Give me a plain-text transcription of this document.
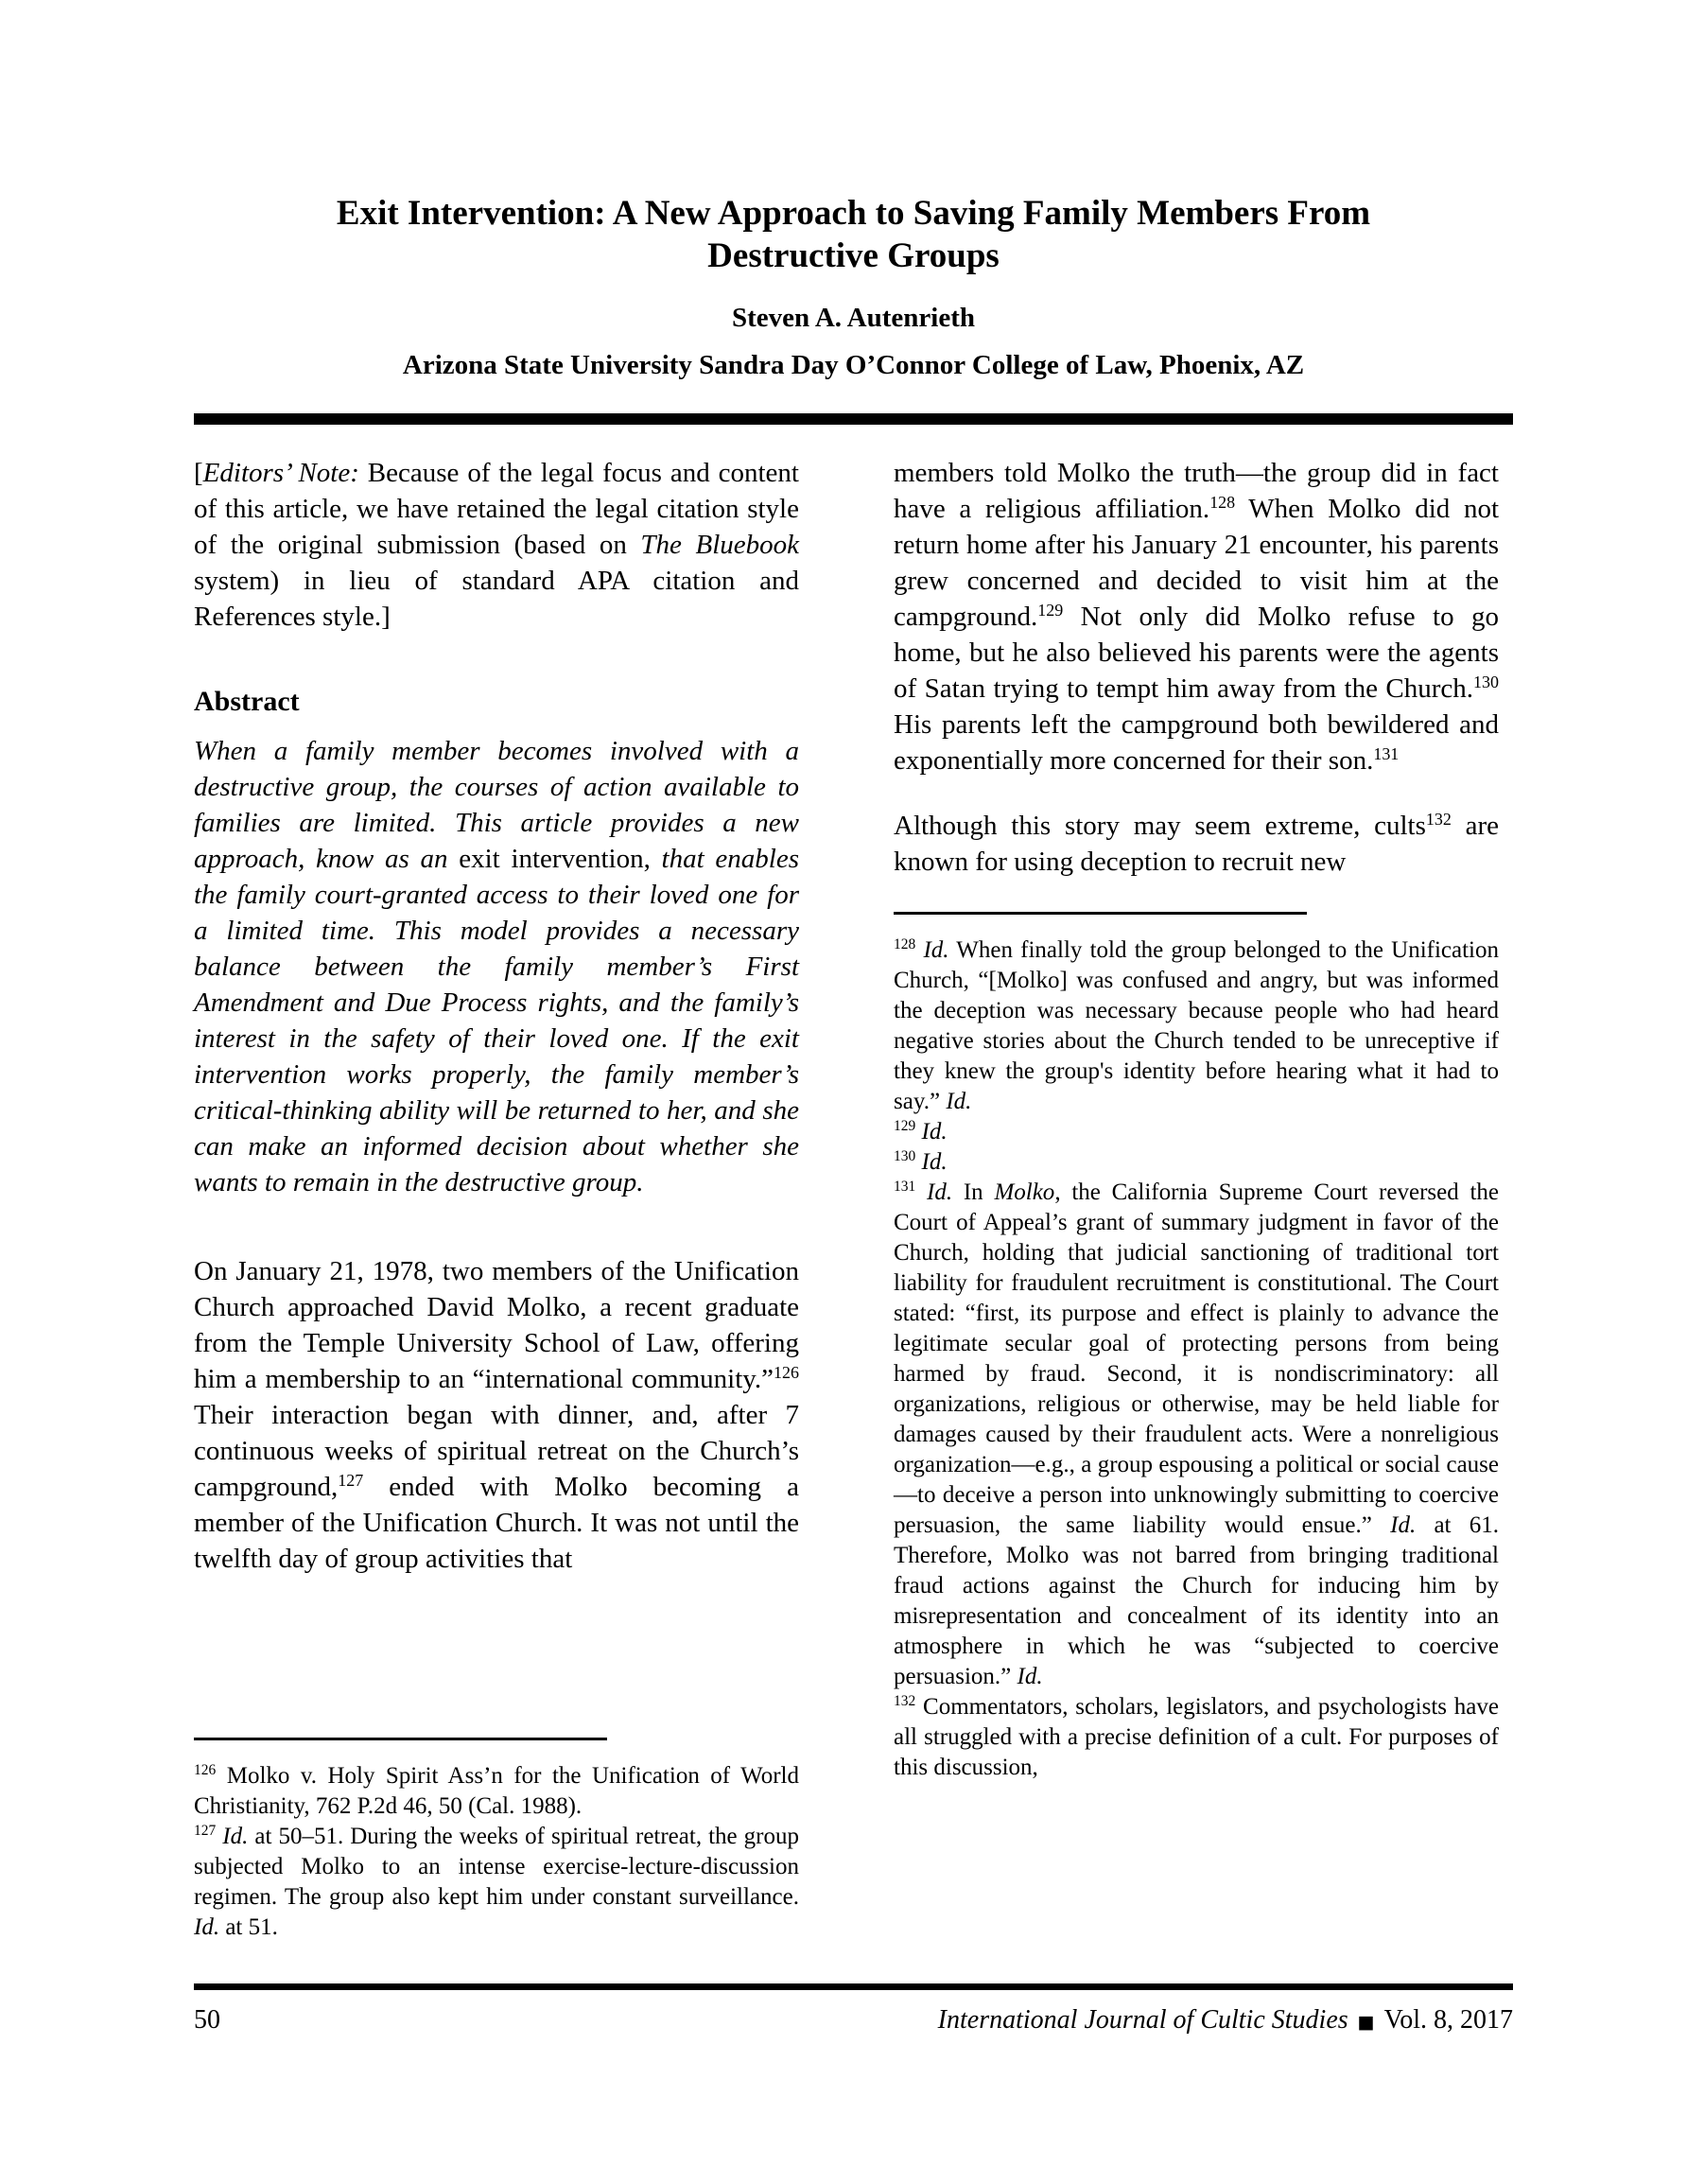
Exit Intervention: A New Approach to Saving Family Members From Destructive Groups

Steven A. Autenrieth

Arizona State University Sandra Day O’Connor College of Law, Phoenix, AZ

[Editors’ Note: Because of the legal focus and content of this article, we have retained the legal citation style of the original submission (based on The Bluebook system) in lieu of standard APA citation and References style.]

Abstract

When a family member becomes involved with a destructive group, the courses of action available to families are limited. This article provides a new approach, know as an exit intervention, that enables the family court-granted access to their loved one for a limited time. This model provides a necessary balance between the family member’s First Amendment and Due Process rights, and the family’s interest in the safety of their loved one. If the exit intervention works properly, the family member’s critical-thinking ability will be returned to her, and she can make an informed decision about whether she wants to remain in the destructive group.

On January 21, 1978, two members of the Unification Church approached David Molko, a recent graduate from the Temple University School of Law, offering him a membership to an “international community.”$^{126}$ Their interaction began with dinner, and, after 7 continuous weeks of spiritual retreat on the Church’s campground,$^{127}$ ended with Molko becoming a member of the Unification Church. It was not until the twelfth day of group activities that

$^{126}$ Molko v. Holy Spirit Ass’n for the Unification of World Christianity, 762 P.2d 46, 50 (Cal. 1988).

$^{127}$ Id. at 50–51. During the weeks of spiritual retreat, the group subjected Molko to an intense exercise-lecture-discussion regimen. The group also kept him under constant surveillance. Id. at 51.

members told Molko the truth—the group did in fact have a religious affiliation.$^{128}$ When Molko did not return home after his January 21 encounter, his parents grew concerned and decided to visit him at the campground.$^{129}$ Not only did Molko refuse to go home, but he also believed his parents were the agents of Satan trying to tempt him away from the Church.$^{130}$ His parents left the campground both bewildered and exponentially more concerned for their son.$^{131}$

Although this story may seem extreme, cults$^{132}$ are known for using deception to recruit new

$^{128}$ Id. When finally told the group belonged to the Unification Church, “[Molko] was confused and angry, but was informed the deception was necessary because people who had heard negative stories about the Church tended to be unreceptive if they knew the group's identity before hearing what it had to say.” Id.

$^{129}$ Id.

$^{130}$ Id.

$^{131}$ Id. In Molko, the California Supreme Court reversed the Court of Appeal’s grant of summary judgment in favor of the Church, holding that judicial sanctioning of traditional tort liability for fraudulent recruitment is constitutional. The Court stated: “first, its purpose and effect is plainly to advance the legitimate secular goal of protecting persons from being harmed by fraud. Second, it is nondiscriminatory: all organizations, religious or otherwise, may be held liable for damages caused by their fraudulent acts. Were a nonreligious organization—e.g., a group espousing a political or social cause—to deceive a person into unknowingly submitting to coercive persuasion, the same liability would ensue.” Id. at 61. Therefore, Molko was not barred from bringing traditional fraud actions against the Church for inducing him by misrepresentation and concealment of its identity into an atmosphere in which he was “subjected to coercive persuasion.” Id.

$^{132}$ Commentators, scholars, legislators, and psychologists have all struggled with a precise definition of a cult. For purposes of this discussion,

50	International Journal of Cultic Studies ■ Vol. 8, 2017
